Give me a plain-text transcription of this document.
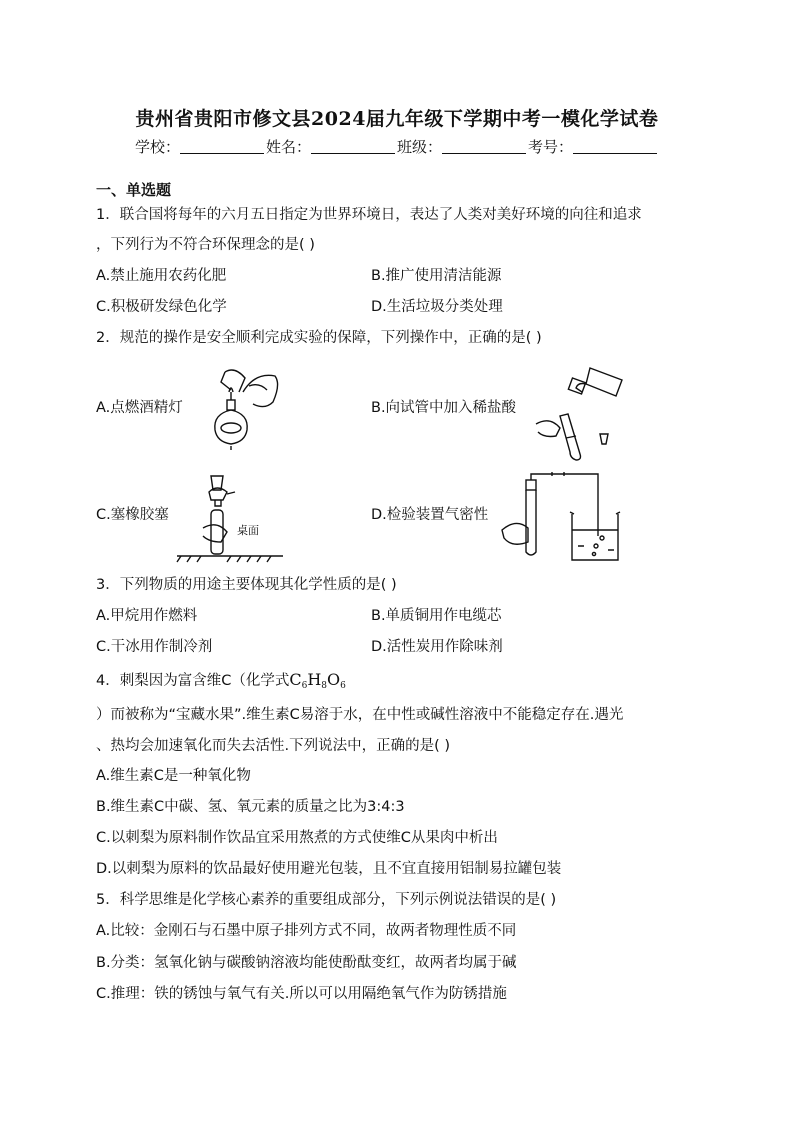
贵州省贵阳市修文县2024届九年级下学期中考一模化学试卷
学校：	姓名：	班级：	考号：
一、单选题
1．联合国将每年的六月五日指定为世界环境日，表达了人类对美好环境的向往和追求
，下列行为不符合环保理念的是( )
A.禁止施用农药化肥	B.推广使用清洁能源
C.积极研发绿色化学	D.生活垃圾分类处理
2．规范的操作是安全顺利完成实验的保障，下列操作中，正确的是( )
A.点燃酒精灯	B.向试管中加入稀盐酸
C.塞橡胶塞	D.检验装置气密性
桌面
3．下列物质的用途主要体现其化学性质的是( )
A.甲烷用作燃料	B.单质铜用作电缆芯
C.干冰用作制冷剂	D.活性炭用作除味剂
4．刺梨因为富含维C（化学式$C_6H_8O_6$
）而被称为“宝藏水果”.维生素C易溶于水，在中性或碱性溶液中不能稳定存在.遇光
、热均会加速氧化而失去活性.下列说法中，正确的是( )
A.维生素C是一种氧化物
B.维生素C中碳、氢、氧元素的质量之比为3:4:3
C.以刺梨为原料制作饮品宜采用熬煮的方式使维C从果肉中析出
D.以刺梨为原料的饮品最好使用避光包装，且不宜直接用铝制易拉罐包装
5．科学思维是化学核心素养的重要组成部分，下列示例说法错误的是( )
A.比较：金刚石与石墨中原子排列方式不同，故两者物理性质不同
B.分类：氢氧化钠与碳酸钠溶液均能使酚酞变红，故两者均属于碱
C.推理：铁的锈蚀与氧气有关.所以可以用隔绝氧气作为防锈措施
